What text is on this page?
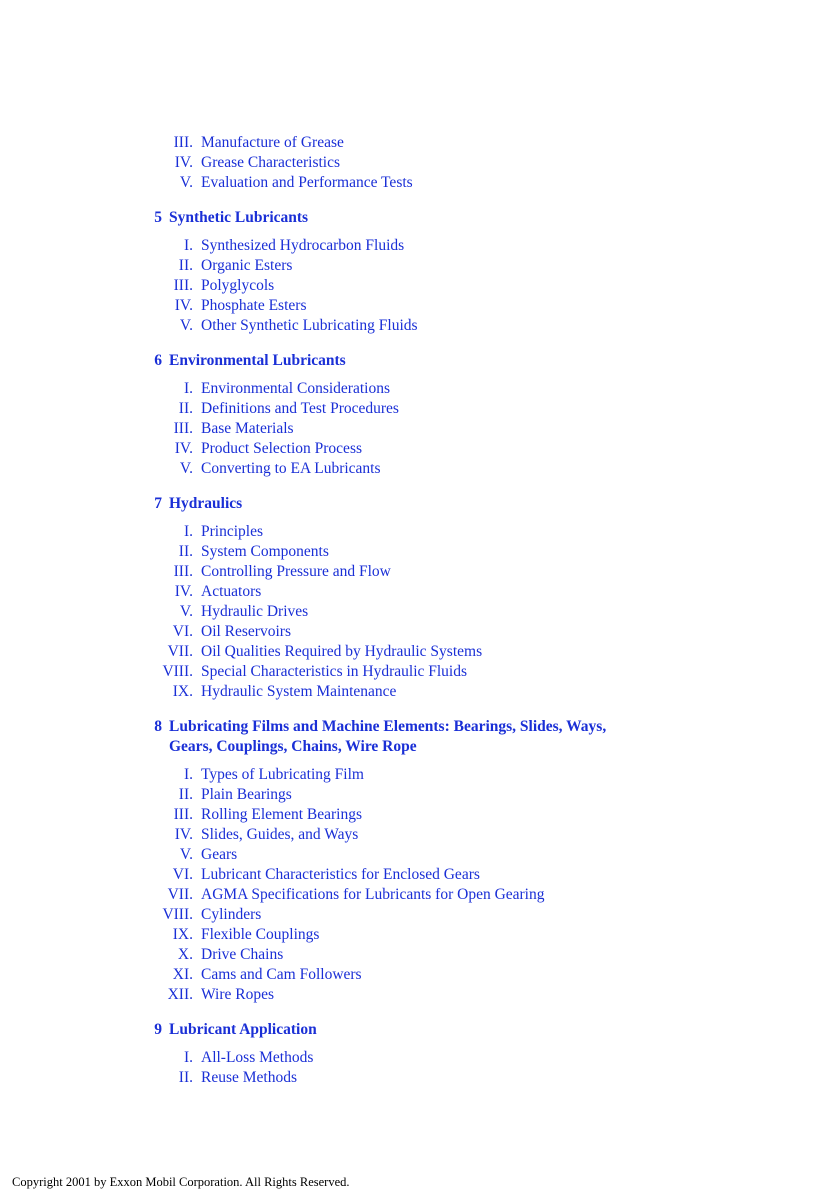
III. Manufacture of Grease
IV. Grease Characteristics
V. Evaluation and Performance Tests
5 Synthetic Lubricants
I. Synthesized Hydrocarbon Fluids
II. Organic Esters
III. Polyglycols
IV. Phosphate Esters
V. Other Synthetic Lubricating Fluids
6 Environmental Lubricants
I. Environmental Considerations
II. Definitions and Test Procedures
III. Base Materials
IV. Product Selection Process
V. Converting to EA Lubricants
7 Hydraulics
I. Principles
II. System Components
III. Controlling Pressure and Flow
IV. Actuators
V. Hydraulic Drives
VI. Oil Reservoirs
VII. Oil Qualities Required by Hydraulic Systems
VIII. Special Characteristics in Hydraulic Fluids
IX. Hydraulic System Maintenance
8 Lubricating Films and Machine Elements: Bearings, Slides, Ways, Gears, Couplings, Chains, Wire Rope
I. Types of Lubricating Film
II. Plain Bearings
III. Rolling Element Bearings
IV. Slides, Guides, and Ways
V. Gears
VI. Lubricant Characteristics for Enclosed Gears
VII. AGMA Specifications for Lubricants for Open Gearing
VIII. Cylinders
IX. Flexible Couplings
X. Drive Chains
XI. Cams and Cam Followers
XII. Wire Ropes
9 Lubricant Application
I. All-Loss Methods
II. Reuse Methods
Copyright 2001 by Exxon Mobil Corporation. All Rights Reserved.
